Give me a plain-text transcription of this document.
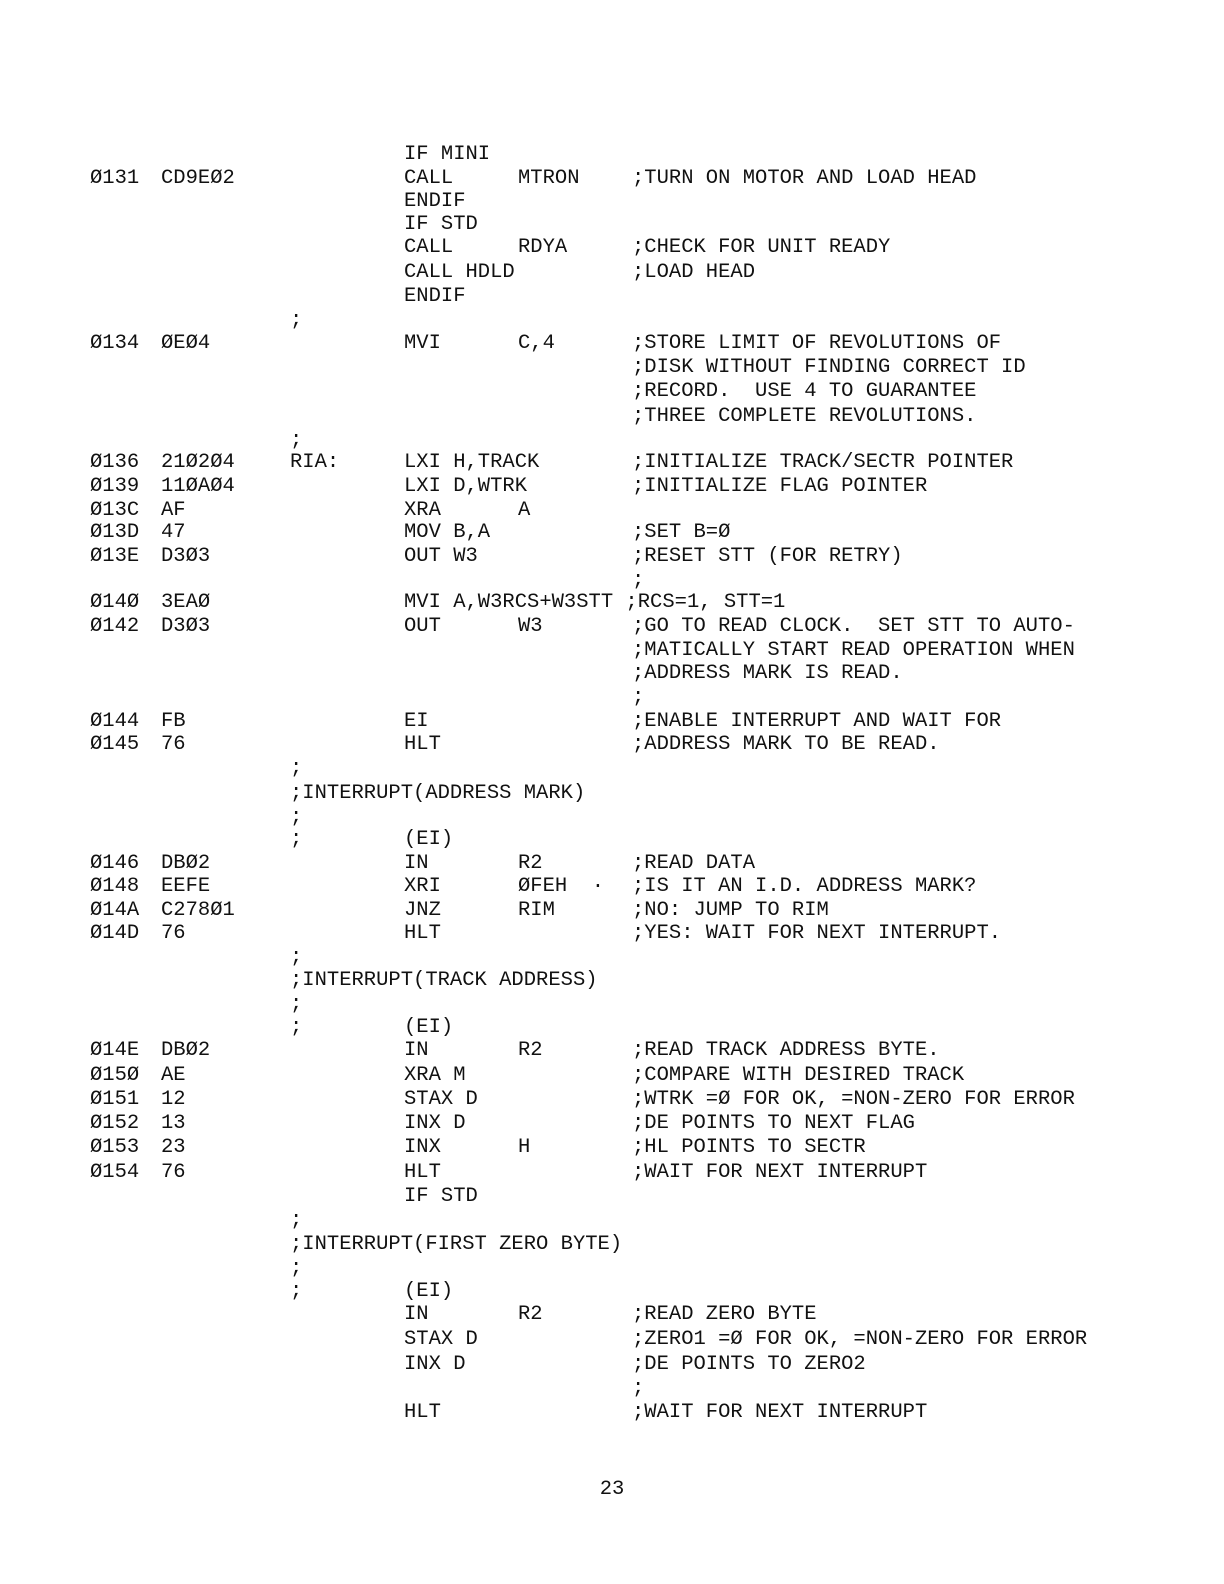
IF MINI
Ø131 CD9EØ2	CALL	MTRON	;TURN ON MOTOR AND LOAD HEAD
ENDIF
IF STD
CALL	RDYA	;CHECK FOR UNIT READY
CALL HDLD	;LOAD HEAD
ENDIF
;
Ø134 ØEØ4	MVI	C,4	;STORE LIMIT OF REVOLUTIONS OF
;DISK WITHOUT FINDING CORRECT ID
;RECORD.  USE 4 TO GUARANTEE
;THREE COMPLETE REVOLUTIONS.
;
Ø136 21Ø2Ø4	RIA:	LXI H,TRACK	;INITIALIZE TRACK/SECTR POINTER
Ø139 11ØAØ4	LXI D,WTRK	;INITIALIZE FLAG POINTER
Ø13C AF	XRA	A
Ø13D 47	MOV B,A	;SET B=Ø
Ø13E D3Ø3	OUT W3	;RESET STT (FOR RETRY)
;
Ø14Ø 3EAØ	MVI A,W3RCS+W3STT ;RCS=1, STT=1
Ø142 D3Ø3	OUT	W3	;GO TO READ CLOCK.  SET STT TO AUTO-
;MATICALLY START READ OPERATION WHEN
;ADDRESS MARK IS READ.
;
Ø144 FB	EI	;ENABLE INTERRUPT AND WAIT FOR
Ø145 76	HLT	;ADDRESS MARK TO BE READ.
;
;INTERRUPT(ADDRESS MARK)
;
;	(EI)
Ø146 DBØ2	IN	R2	;READ DATA
Ø148 EEFE	XRI	ØFEH  · ;IS IT AN I.D. ADDRESS MARK?
Ø14A C278Ø1	JNZ	RIM	;NO: JUMP TO RIM
Ø14D 76	HLT	;YES: WAIT FOR NEXT INTERRUPT.
;
;INTERRUPT(TRACK ADDRESS)
;
;	(EI)
Ø14E DBØ2	IN	R2	;READ TRACK ADDRESS BYTE.
Ø15Ø AE	XRA M	;COMPARE WITH DESIRED TRACK
Ø151 12	STAX D	;WTRK =Ø FOR OK, =NON-ZERO FOR ERROR
Ø152 13	INX D	;DE POINTS TO NEXT FLAG
Ø153 23	INX	H	;HL POINTS TO SECTR
Ø154 76	HLT	;WAIT FOR NEXT INTERRUPT
IF STD
;
;INTERRUPT(FIRST ZERO BYTE)
;
;	(EI)
IN	R2	;READ ZERO BYTE
STAX D	;ZERO1 =Ø FOR OK, =NON-ZERO FOR ERROR
INX D	;DE POINTS TO ZERO2
;
HLT	;WAIT FOR NEXT INTERRUPT
23
